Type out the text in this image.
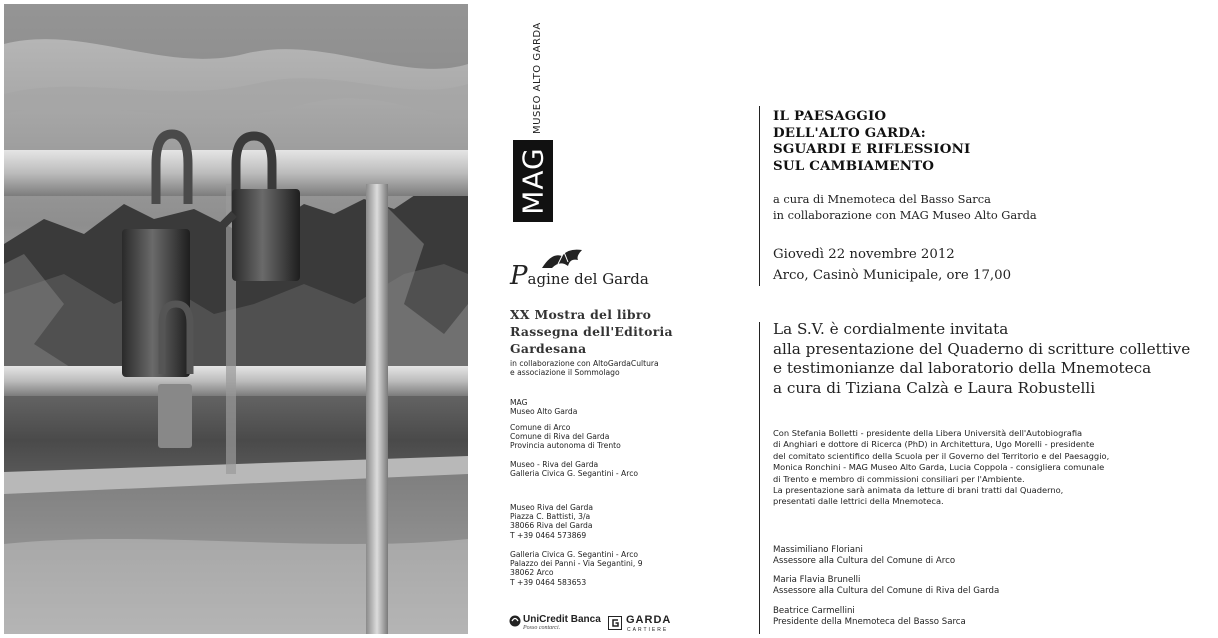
MUSEO ALTO GARDA
MAG
Pagine del Garda
XX Mostra del libro
Rassegna dell'Editoria
Gardesana
in collaborazione con AltoGardaCultura
e associazione il Sommolago
MAG
Museo Alto Garda
Comune di Arco
Comune di Riva del Garda
Provincia autonoma di Trento
Museo - Riva del Garda
Galleria Civica G. Segantini - Arco
Museo Riva del Garda
Piazza C. Battisti, 3/a
38066 Riva del Garda
T +39 0464 573869
Galleria Civica G. Segantini - Arco
Palazzo dei Panni - Via Segantini, 9
38062 Arco
T +39 0464 583653
UniCredit Banca
Posso contarci.
GARDA
CARTIERE
IL PAESAGGIO
DELL'ALTO GARDA:
SGUARDI E RIFLESSIONI
SUL CAMBIAMENTO
a cura di Mnemoteca del Basso Sarca
in collaborazione con MAG Museo Alto Garda
Giovedì 22 novembre 2012
Arco, Casinò Municipale, ore 17,00
La S.V. è cordialmente invitata
alla presentazione del Quaderno di scritture collettive
e testimonianze dal laboratorio della Mnemoteca
a cura di Tiziana Calzà e Laura Robustelli
Con Stefania Bolletti - presidente della Libera Università dell'Autobiografia
di Anghiari e dottore di Ricerca (PhD) in Architettura, Ugo Morelli - presidente
del comitato scientifico della Scuola per il Governo del Territorio e del Paesaggio,
Monica Ronchini - MAG Museo Alto Garda, Lucia Coppola - consigliera comunale
di Trento e membro di commissioni consiliari per l'Ambiente.
La presentazione sarà animata da letture di brani tratti dal Quaderno,
presentati dalle lettrici della Mnemoteca.
Massimiliano Floriani
Assessore alla Cultura del Comune di Arco
Maria Flavia Brunelli
Assessore alla Cultura del Comune di Riva del Garda
Beatrice Carmellini
Presidente della Mnemoteca del Basso Sarca
